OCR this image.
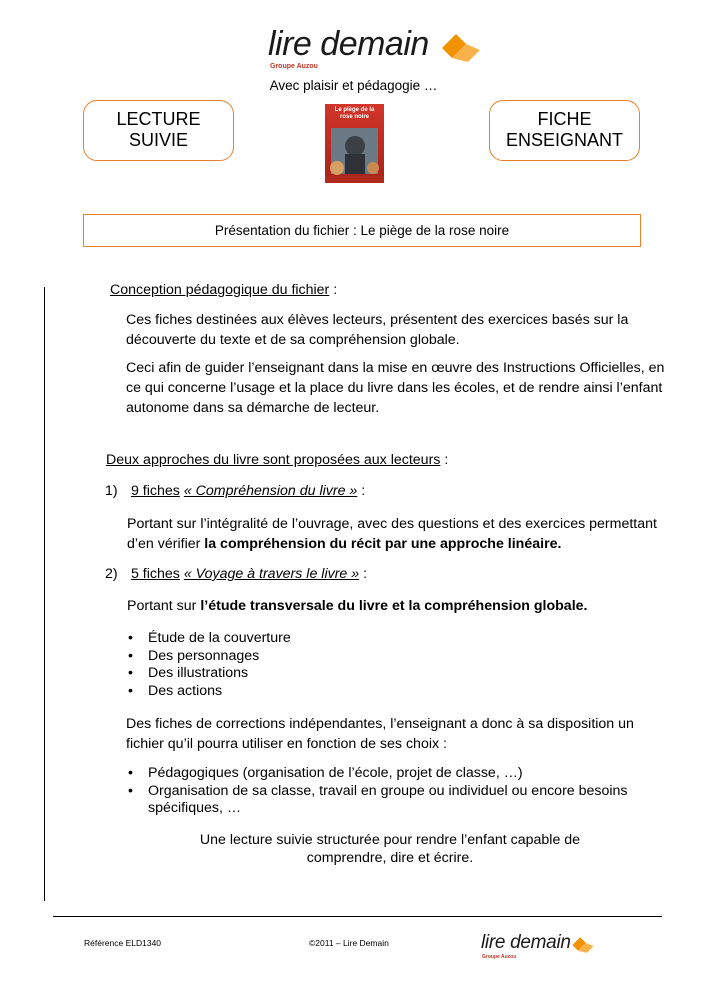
lire demain
Groupe Auzou
Avec plaisir et pédagogie …
LECTURE
SUIVIE
Le piège de la rose noire	FICHE
ENSEIGNANT
Présentation du fichier : Le piège de la rose noire
Conception pédagogique du fichier :

Ces fiches destinées aux élèves lecteurs, présentent des exercices basés sur la découverte du texte et de sa compréhension globale.

Ceci afin de guider l’enseignant dans la mise en œuvre des Instructions Officielles, en ce qui concerne l’usage et la place du livre dans les écoles, et de rendre ainsi l’enfant autonome dans sa démarche de lecteur.

Deux approches du livre sont proposées aux lecteurs :
1) 9 fiches « Compréhension du livre » :

Portant sur l’intégralité de l’ouvrage, avec des questions et des exercices permettant d’en vérifier la compréhension du récit par une approche linéaire.

2) 5 fiches « Voyage à travers le livre » :

Portant sur l’étude transversale du livre et la compréhension globale.

• Étude de la couverture
• Des personnages
• Des illustrations
• Des actions

Des fiches de corrections indépendantes, l’enseignant a donc à sa disposition un fichier qu’il pourra utiliser en fonction de ses choix :

• Pédagogiques (organisation de l’école, projet de classe, …)
• Organisation de sa classe, travail en groupe ou individuel ou encore besoins spécifiques, …
Une lecture suivie structurée pour rendre l’enfant capable de
comprendre, dire et écrire.
Référence ELD1340	©2011 – Lire Demain	lire demain
Groupe Auzou
